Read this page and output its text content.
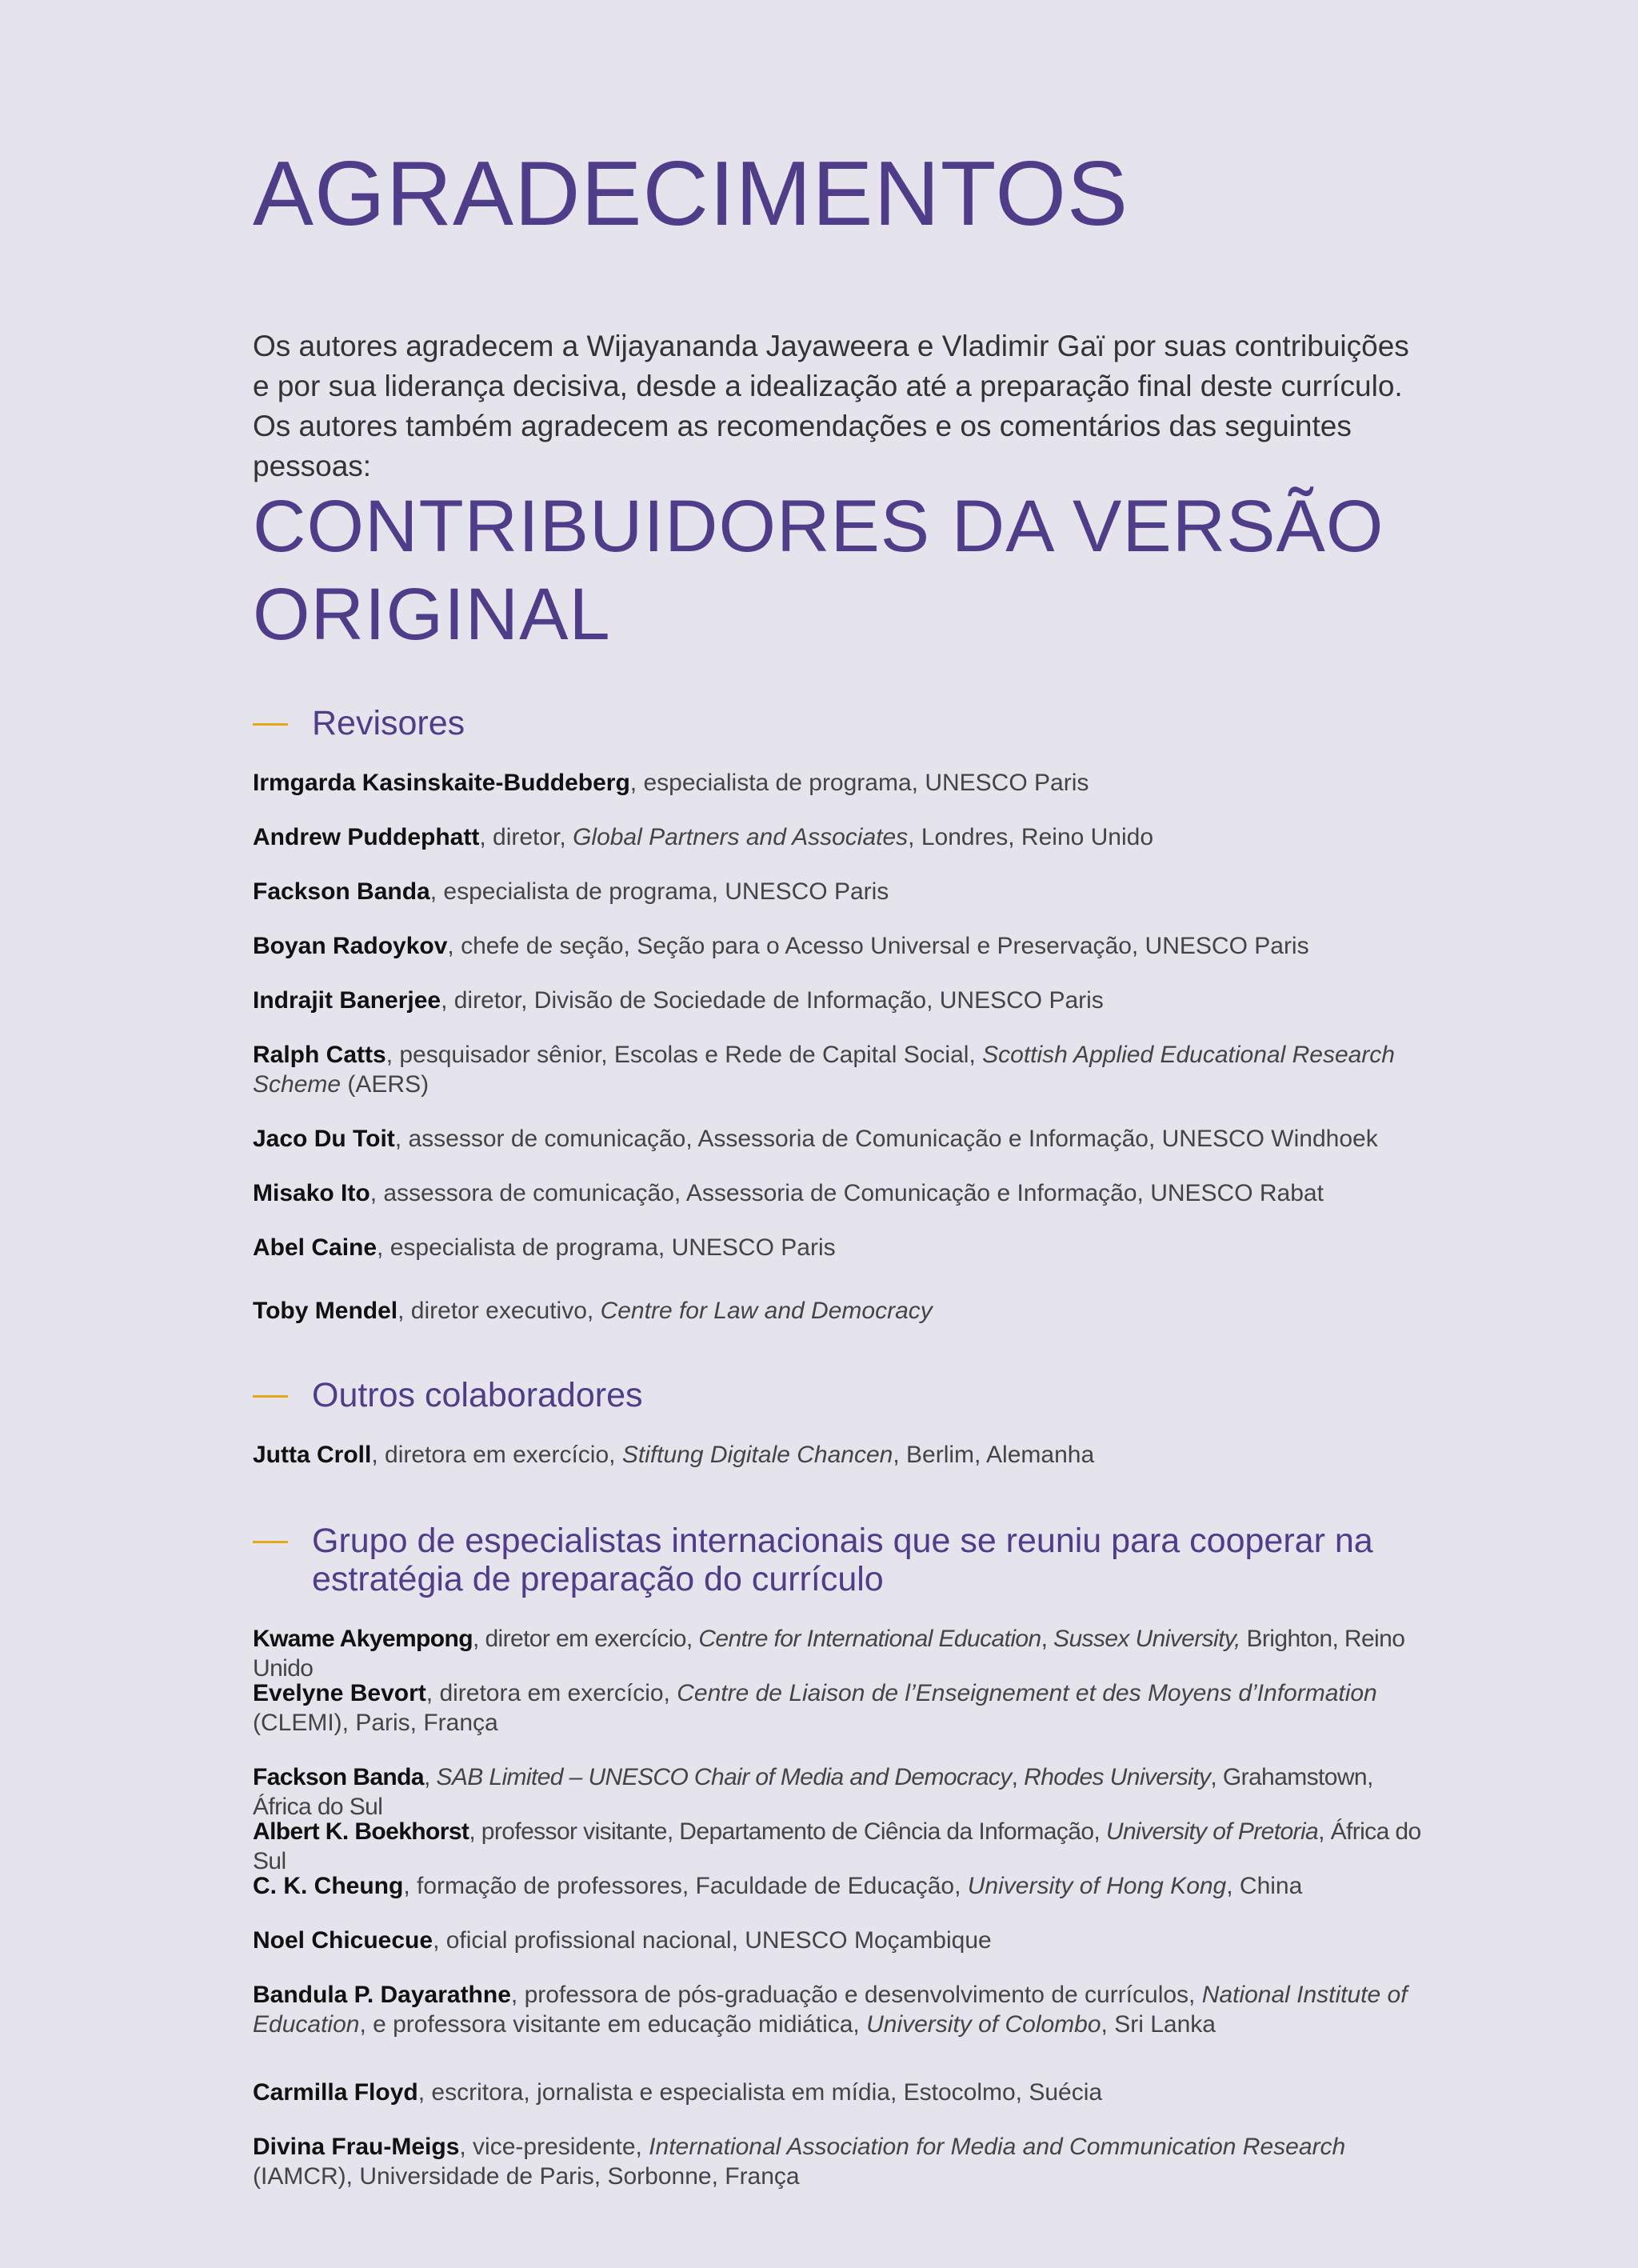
AGRADECIMENTOS

Os autores agradecem a Wijayananda Jayaweera e Vladimir Gaï por suas contribuições e por sua liderança decisiva, desde a idealização até a preparação final deste currículo. Os autores também agradecem as recomendações e os comentários das seguintes pessoas:

CONTRIBUIDORES DA VERSÃO ORIGINAL
Revisores
Irmgarda Kasinskaite-Buddeberg, especialista de programa, UNESCO Paris
Andrew Puddephatt, diretor, Global Partners and Associates, Londres, Reino Unido
Fackson Banda, especialista de programa, UNESCO Paris
Boyan Radoykov, chefe de seção, Seção para o Acesso Universal e Preservação, UNESCO Paris
Indrajit Banerjee, diretor, Divisão de Sociedade de Informação, UNESCO Paris
Ralph Catts, pesquisador sênior, Escolas e Rede de Capital Social, Scottish Applied Educational Research Scheme (AERS)
Jaco Du Toit, assessor de comunicação, Assessoria de Comunicação e Informação, UNESCO Windhoek
Misako Ito, assessora de comunicação, Assessoria de Comunicação e Informação, UNESCO Rabat
Abel Caine, especialista de programa, UNESCO Paris
Toby Mendel, diretor executivo, Centre for Law and Democracy
Outros colaboradores
Jutta Croll, diretora em exercício, Stiftung Digitale Chancen, Berlim, Alemanha
Grupo de especialistas internacionais que se reuniu para cooperar na estratégia de preparação do currículo
Kwame Akyempong, diretor em exercício, Centre for International Education, Sussex University, Brighton, Reino Unido
Evelyne Bevort, diretora em exercício, Centre de Liaison de l’Enseignement et des Moyens d’Information (CLEMI), Paris, França
Fackson Banda, SAB Limited – UNESCO Chair of Media and Democracy, Rhodes University, Grahamstown, África do Sul
Albert K. Boekhorst, professor visitante, Departamento de Ciência da Informação, University of Pretoria, África do Sul
C. K. Cheung, formação de professores, Faculdade de Educação, University of Hong Kong, China
Noel Chicuecue, oficial profissional nacional, UNESCO Moçambique
Bandula P. Dayarathne, professora de pós-graduação e desenvolvimento de currículos, National Institute of Education, e professora visitante em educação midiática, University of Colombo, Sri Lanka
Carmilla Floyd, escritora, jornalista e especialista em mídia, Estocolmo, Suécia
Divina Frau-Meigs, vice-presidente, International Association for Media and Communication Research (IAMCR), Universidade de Paris, Sorbonne, França
